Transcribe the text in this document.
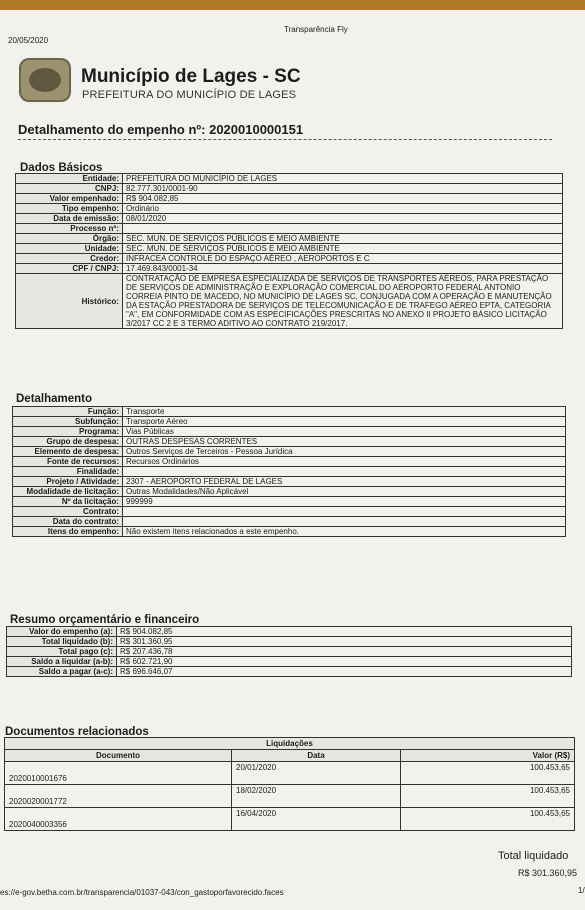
20/05/2020
Transparência Fly
Município de Lages - SC
PREFEITURA DO MUNICÍPIO DE LAGES
Detalhamento do empenho nº: 2020010000151
Dados Básicos
Entidade:	PREFEITURA DO MUNICÍPIO DE LAGES
CNPJ:	82.777.301/0001-90
Valor empenhado:	R$ 904.082,85
Tipo empenho:	Ordinário
Data de emissão:	08/01/2020
Processo nº:	
Órgão:	SEC. MUN. DE SERVIÇOS PÚBLICOS E MEIO AMBIENTE
Unidade:	SEC. MUN. DE SERVIÇOS PÚBLICOS E MEIO AMBIENTE
Credor:	INFRACEA CONTROLE DO ESPAÇO AÉREO , AEROPORTOS E C
CPF / CNPJ:	17.469.843/0001-34
Histórico:	CONTRATAÇÃO DE EMPRESA ESPECIALIZADA DE SERVIÇOS DE TRANSPORTES AÉREOS, PARA PRESTAÇÃO DE SERVIÇOS DE ADMINISTRAÇÃO E EXPLORAÇÃO COMERCIAL DO AEROPORTO FEDERAL ANTONIO CORREIA PINTO DE MACEDO, NO MUNICÍPIO DE LAGES SC, CONJUGADA COM A OPERAÇÃO E MANUTENÇÃO DA ESTAÇÃO PRESTADORA DE SERVIÇOS DE TELECOMUNICAÇÃO E DE TRAFEGO AÉREO EPTA, CATEGORIA "A", EM CONFORMIDADE COM AS ESPECIFICAÇÕES PRESCRITAS NO ANEXO II PROJETO BÁSICO LICITAÇÃO 3/2017 CC 2 E 3 TERMO ADITIVO AO CONTRATO 219/2017.
Detalhamento
Função:	Transporte
Subfunção:	Transporte Aéreo
Programa:	Vias Públicas
Grupo de despesa:	OUTRAS DESPESAS CORRENTES
Elemento de despesa:	Outros Serviços de Terceiros - Pessoa Jurídica
Fonte de recursos:	Recursos Ordinários
Finalidade:	
Projeto / Atividade:	2307 - AEROPORTO FEDERAL DE LAGES
Modalidade de licitação:	Outras Modalidades/Não Aplicável
Nº da licitação:	999999
Contrato:	
Data do contrato:	
Itens do empenho:	Não existem itens relacionados a este empenho.
Resumo orçamentário e financeiro
Valor do empenho (a):	R$ 904.082,85
Total liquidado (b):	R$ 301.360,95
Total pago (c):	R$ 207.436,78
Saldo a liquidar (a-b):	R$ 602.721,90
Saldo a pagar (a-c):	R$ 696.646,07
Documentos relacionados
Liquidações		
Documento	Data	Valor (R$)
2020010001676	20/01/2020	100.453,65
2020020001772	18/02/2020	100.453,65
2020040003356	16/04/2020	100.453,65
Total liquidado
R$ 301.360,95
es://e-gov.betha.com.br/transparencia/01037-043/con_gastoporfavorecido.faces	1/
